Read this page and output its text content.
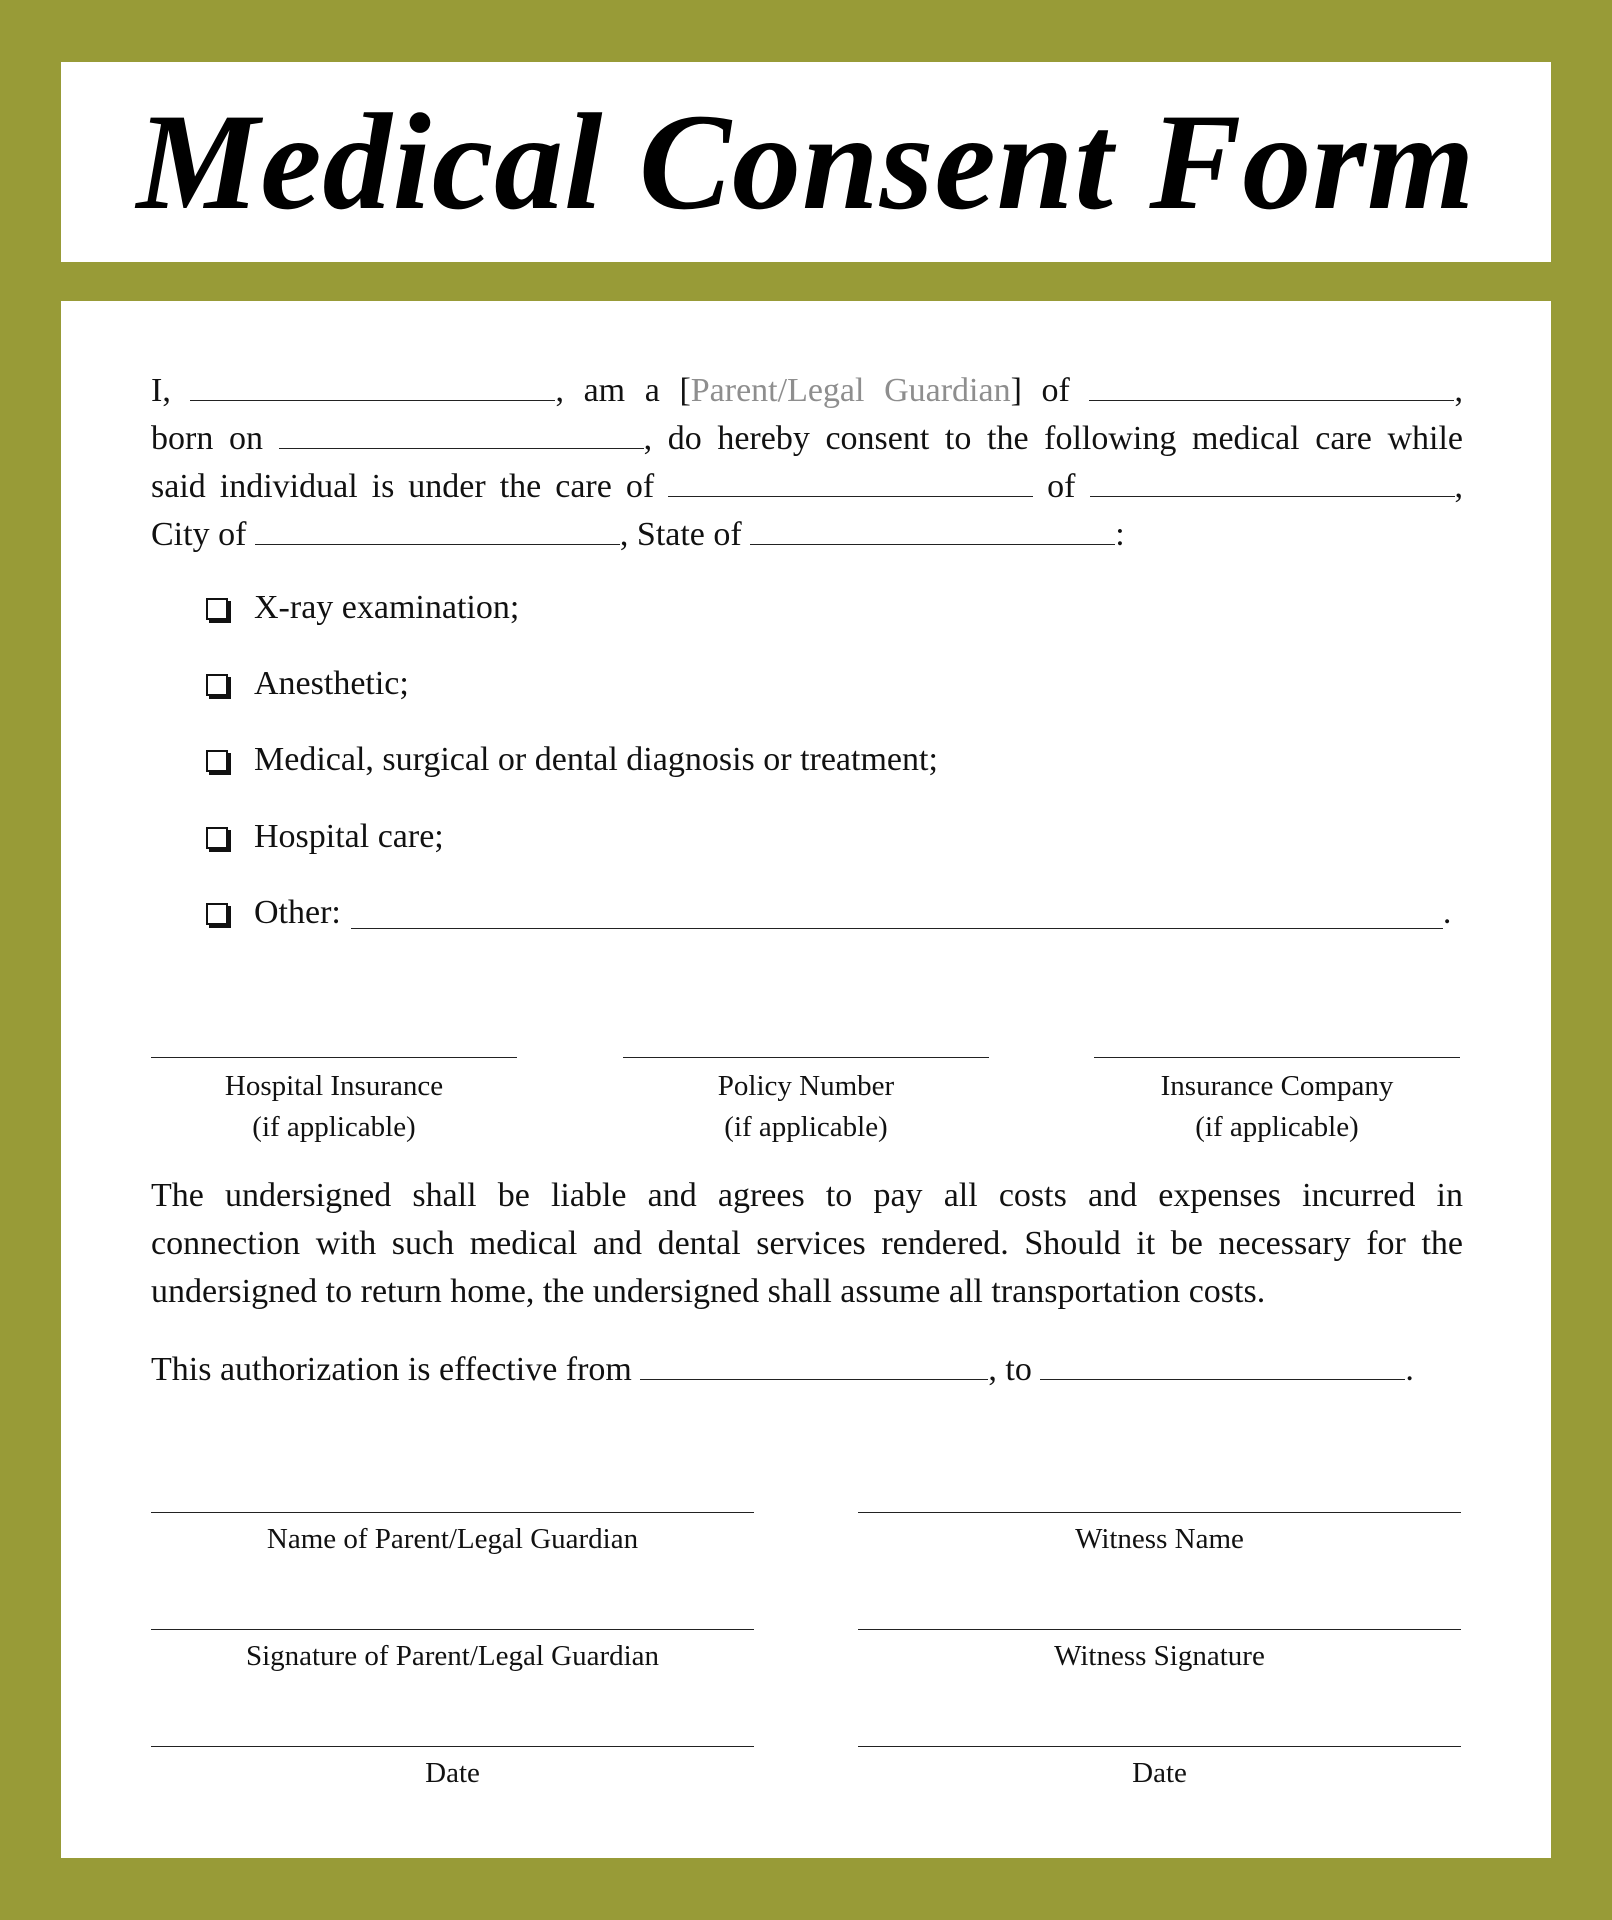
Medical Consent Form
I,	, am a [Parent/Legal Guardian] of	,
born on	, do hereby consent to the following medical care while
said individual is under the care of	of	,
City of	, State of	:
X-ray examination;
Anesthetic;
Medical, surgical or dental diagnosis or treatment;
Hospital care;
Other:	.
Hospital Insurance
(if applicable)
Policy Number
(if applicable)
Insurance Company
(if applicable)
The undersigned shall be liable and agrees to pay all costs and expenses incurred in
connection with such medical and dental services rendered. Should it be necessary for the
undersigned to return home, the undersigned shall assume all transportation costs.
This authorization is effective from	, to	.
Name of Parent/Legal Guardian	Witness Name
Signature of Parent/Legal Guardian	Witness Signature
Date	Date
